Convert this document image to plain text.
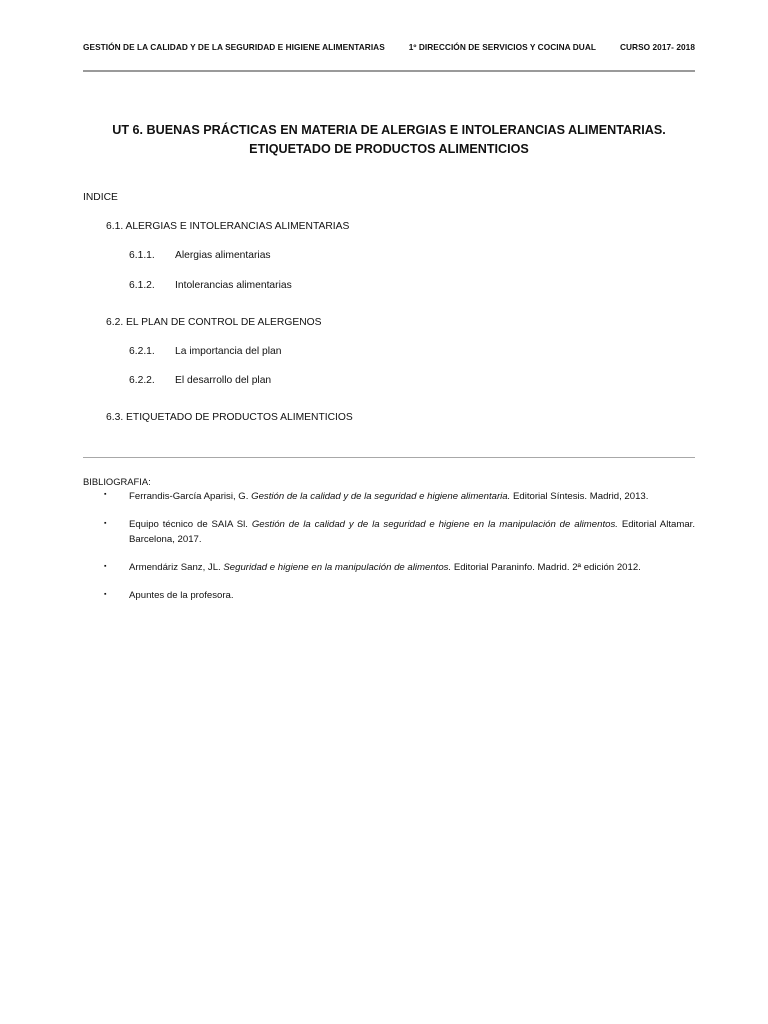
GESTIÓN DE LA CALIDAD Y DE LA SEGURIDAD E HIGIENE ALIMENTARIAS	1º DIRECCIÓN DE SERVICIOS Y COCINA DUAL	CURSO 2017- 2018
UT 6. BUENAS PRÁCTICAS EN MATERIA DE ALERGIAS E INTOLERANCIAS ALIMENTARIAS.
ETIQUETADO DE PRODUCTOS ALIMENTICIOS
INDICE
6.1. ALERGIAS E INTOLERANCIAS ALIMENTARIAS
6.1.1. Alergias alimentarias
6.1.2. Intolerancias alimentarias
6.2. EL PLAN DE CONTROL DE ALERGENOS
6.2.1. La importancia del plan
6.2.2. El desarrollo del plan
6.3. ETIQUETADO DE PRODUCTOS ALIMENTICIOS
BIBLIOGRAFIA:
▪ Ferrandis-García Aparisi, G. Gestión de la calidad y de la seguridad e higiene alimentaria. Editorial Síntesis. Madrid, 2013.
▪ Equipo técnico de SAIA Sl. Gestión de la calidad y de la seguridad e higiene en la manipulación de alimentos. Editorial Altamar. Barcelona, 2017.
▪ Armendáriz Sanz, JL. Seguridad e higiene en la manipulación de alimentos. Editorial Paraninfo. Madrid. 2ª edición 2012.
▪ Apuntes de la profesora.
